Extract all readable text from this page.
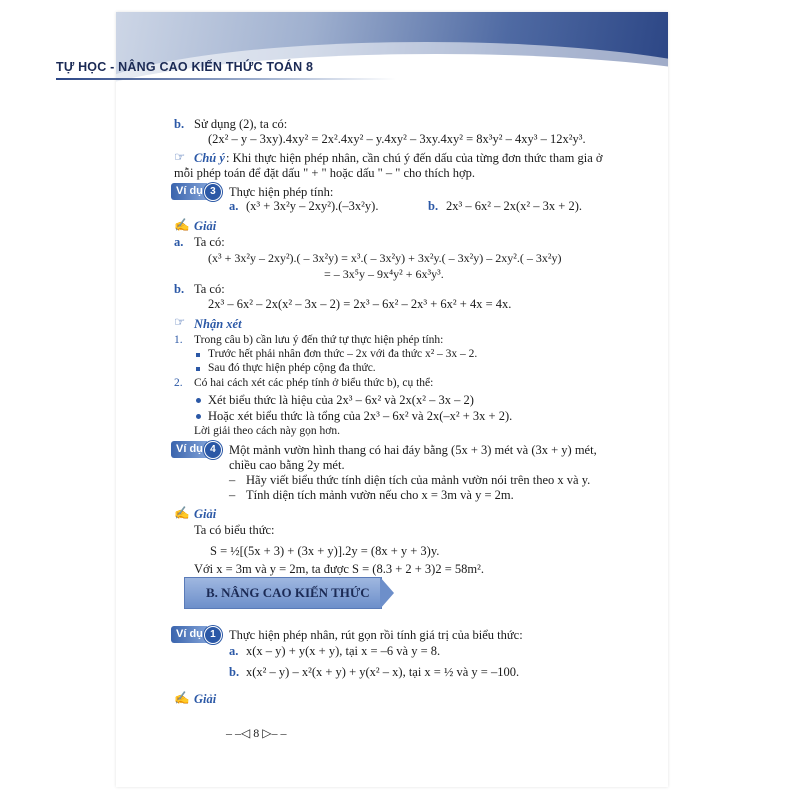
TỰ HỌC - NÂNG CAO KIẾN THỨC TOÁN 8
b. Sử dụng (2), ta có:
(2x² – y – 3xy).4xy² = 2x².4xy² – y.4xy² – 3xy.4xy² = 8x³y² – 4xy³ – 12x²y³.
☞ Chú ý : Khi thực hiện phép nhân, cần chú ý đến dấu của từng đơn thức tham gia ở
mỗi phép toán để đặt dấu " + " hoặc dấu " – " cho thích hợp.
Ví dụ 3	Thực hiện phép tính:
a. (x³ + 3x²y – 2xy²).(–3x²y).	b. 2x³ – 6x² – 2x(x² – 3x + 2).
✍ Giải
a. Ta có:
(x³ + 3x²y – 2xy²).( – 3x²y) = x³.( – 3x²y) + 3x²y.( – 3x²y) – 2xy².( – 3x²y)
= – 3x⁵y – 9x⁴y² + 6x³y³.
b. Ta có:
2x³ – 6x² – 2x(x² – 3x – 2) = 2x³ – 6x² – 2x³ + 6x² + 4x = 4x.
☞ Nhận xét
1. Trong câu b) cần lưu ý đến thứ tự thực hiện phép tính:
Trước hết phải nhân đơn thức – 2x với đa thức x² – 3x – 2.
Sau đó thực hiện phép cộng đa thức.
2. Có hai cách xét các phép tính ở biểu thức b), cụ thể:
Xét biểu thức là hiệu của 2x³ – 6x² và 2x(x² – 3x – 2)
Hoặc xét biểu thức là tổng của 2x³ – 6x² và 2x(–x² + 3x + 2).
Lời giải theo cách này gọn hơn.
Ví dụ 4	Một mảnh vườn hình thang có hai đáy bằng (5x + 3) mét và (3x + y) mét,
chiều cao bằng 2y mét.
– Hãy viết biểu thức tính diện tích của mảnh vườn nói trên theo x và y.
– Tính diện tích mảnh vườn nếu cho x = 3m và y = 2m.
✍ Giải
Ta có biểu thức:
S = ½[(5x + 3) + (3x + y)].2y = (8x + y + 3)y.
Với x = 3m và y = 2m, ta được S = (8.3 + 2 + 3)2 = 58m².
B. NÂNG CAO KIẾN THỨC
Ví dụ 1	Thực hiện phép nhân, rút gọn rồi tính giá trị của biểu thức:
a. x(x – y) + y(x + y), tại x = –6 và y = 8.
b. x(x² – y) – x²(x + y) + y(x² – x), tại x = ½ và y = –100.
✍ Giải
– –◁ 8 ▷– –
